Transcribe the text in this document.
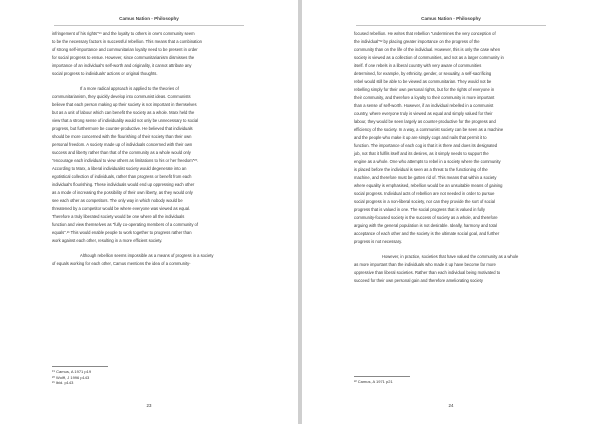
Camus Nation - Philosophy

infringement of his rights"¹⁹ and the loyalty to others in one's community seem
to be the necessary factors in successful rebellion. This means that a combination
of strong self-importance and communitarian loyalty need to be present in order
for social progress to ensue. However, since communitarianism dismisses the
importance of an individual's self-worth and originality, it cannot attribute any
social progress to individuals' actions or original thoughts.

If a more radical approach is applied to the theories of
communitarianism, they quickly develop into communist ideas. Communists
believe that each person making up their society is not important in themselves
but as a unit of labour which can benefit the society as a whole. Marx held the
view that a strong sense of individuality would not only be unnecessary to social
progress, but furthermore be counter-productive. He believed that individuals
should be more concerned with the flourishing of their society than their own
personal freedom. A society made up of individuals concerned with their own
success and liberty rather than that of the community as a whole would only
"encourage each individual to view others as limitations to his or her freedom"²⁰.
According to Marx, a liberal individualist society would degenerate into an
egotistical collection of individuals, rather than progress or benefit from each
individual's flourishing. These individuals would end up oppressing each other
as a mode of increasing the possibility of their own liberty, as they would only
see each other as competitors. The only way in which nobody would be
threatened by a competitor would be where everyone was viewed as equal.
Therefore a truly liberated society would be one where all the individuals
function and view themselves as "fully co-operating members of a community of
equals".²¹ This would enable people to work together to progress rather than
work against each other, resulting in a more efficient society.

Although rebellion seems impossible as a means of progress in a society
of equals working for each other, Camus mentions the idea of a community-

¹⁹ Camus, A 1971 p19
²⁰ Wolff, J 1996 p143
²¹ Ibid. p143
23
Camus Nation - Philosophy

focused rebellion. He writes that rebellion "undermines the very conception of
the individual"²² by placing greater importance on the progress of the
community than on the life of the individual. However, this is only the case when
society is viewed as a collection of communities, and not as a larger community in
itself. If one rebels in a liberal country with very aware of communities
determined, for example, by ethnicity, gender, or sexuality, a self-sacrificing
rebel would still be able to be viewed as communitarian. They would not be
rebelling simply for their own personal rights, but for the rights of everyone in
their community, and therefore a loyalty to their community is more important
than a sense of self-worth. However, if an individual rebelled in a communist
country, where everyone truly is viewed as equal and simply valued for their
labour, they would be seen largely as counter-productive for the progress and
efficiency of the society. In a way, a communist society can be seen as a machine
and the people who make it up are simply cogs and nails that permit it to
function. The importance of each cog is that it is there and does its designated
job, not that it fulfils itself and its desires, as it simply needs to support the
engine as a whole. One who attempts to rebel in a society where the community
is placed before the individual is seen as a threat to the functioning of the
machine, and therefore must be gotten rid of. This means that within a society
where equality is emphasised, rebellion would be an unsuitable means of gaining
social progress. Individual acts of rebellion are not needed in order to pursue
social progress in a non-liberal society, nor can they provide the sort of social
progress that is valued in one. The social progress that is valued in fully
community-focused society is the success of society as a whole, and therefore
arguing with the general population is not desirable. Ideally, harmony and total
acceptance of each other and the society is the ultimate social goal, and further
progress is not necessary.

However, in practice, societies that have valued the community as a whole
as more important than the individuals who made it up have become far more
oppressive than liberal societies. Rather than each individual being motivated to
succeed for their own personal gain and therefore ameliorating society

²² Camus, A 1971 p21
24
